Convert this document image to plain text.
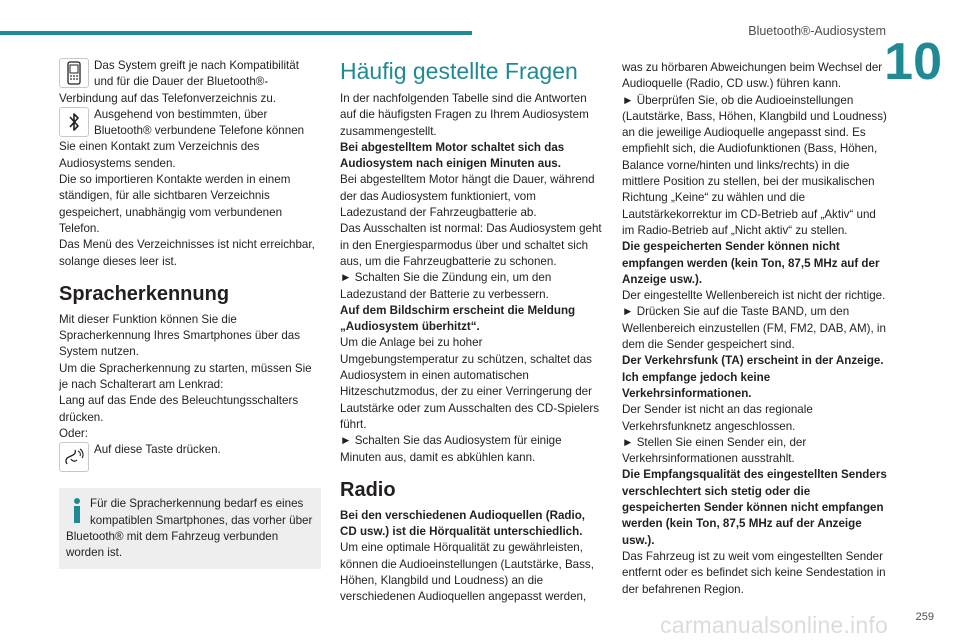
Bluetooth®-Audiosystem
10

Das System greift je nach Kompatibilität und für die Dauer der Bluetooth®-Verbindung auf das Telefonverzeichnis zu.

Ausgehend von bestimmten, über Bluetooth® verbundene Telefone können Sie einen Kontakt zum Verzeichnis des Audiosystems senden.

Die so importieren Kontakte werden in einem ständigen, für alle sichtbaren Verzeichnis gespeichert, unabhängig vom verbundenen Telefon.

Das Menü des Verzeichnisses ist nicht erreichbar, solange dieses leer ist.

Spracherkennung

Mit dieser Funktion können Sie die Spracherkennung Ihres Smartphones über das System nutzen.

Um die Spracherkennung zu starten, müssen Sie je nach Schalterart am Lenkrad:

Lang auf das Ende des Beleuchtungsschalters drücken.

Oder:

Auf diese Taste drücken.

Für die Spracherkennung bedarf es eines kompatiblen Smartphones, das vorher über Bluetooth® mit dem Fahrzeug verbunden worden ist.

Häufig gestellte Fragen

In der nachfolgenden Tabelle sind die Antworten auf die häufigsten Fragen zu Ihrem Audiosystem zusammengestellt.

Bei abgestelltem Motor schaltet sich das Audiosystem nach einigen Minuten aus.

Bei abgestelltem Motor hängt die Dauer, während der das Audiosystem funktioniert, vom Ladezustand der Fahrzeugbatterie ab.

Das Ausschalten ist normal: Das Audiosystem geht in den Energiesparmodus über und schaltet sich aus, um die Fahrzeugbatterie zu schonen.

► Schalten Sie die Zündung ein, um den Ladezustand der Batterie zu verbessern.

Auf dem Bildschirm erscheint die Meldung „Audiosystem überhitzt“.

Um die Anlage bei zu hoher Umgebungstemperatur zu schützen, schaltet das Audiosystem in einen automatischen Hitzeschutzmodus, der zu einer Verringerung der Lautstärke oder zum Ausschalten des CD-Spielers führt.

► Schalten Sie das Audiosystem für einige Minuten aus, damit es abkühlen kann.

Radio

Bei den verschiedenen Audioquellen (Radio, CD usw.) ist die Hörqualität unterschiedlich.

Um eine optimale Hörqualität zu gewährleisten, können die Audioeinstellungen (Lautstärke, Bass, Höhen, Klangbild und Loudness) an die verschiedenen Audioquellen angepasst werden,

was zu hörbaren Abweichungen beim Wechsel der Audioquelle (Radio, CD usw.) führen kann.

► Überprüfen Sie, ob die Audioeinstellungen (Lautstärke, Bass, Höhen, Klangbild und Loudness) an die jeweilige Audioquelle angepasst sind. Es empfiehlt sich, die Audiofunktionen (Bass, Höhen, Balance vorne/hinten und links/rechts) in die mittlere Position zu stellen, bei der musikalischen Richtung „Keine“ zu wählen und die Lautstärkekorrektur im CD-Betrieb auf „Aktiv“ und im Radio-Betrieb auf „Nicht aktiv“ zu stellen.

Die gespeicherten Sender können nicht empfangen werden (kein Ton, 87,5 MHz auf der Anzeige usw.).

Der eingestellte Wellenbereich ist nicht der richtige.

► Drücken Sie auf die Taste BAND, um den Wellenbereich einzustellen (FM, FM2, DAB, AM), in dem die Sender gespeichert sind.

Der Verkehrsfunk (TA) erscheint in der Anzeige. Ich empfange jedoch keine Verkehrsinformationen.

Der Sender ist nicht an das regionale Verkehrsfunknetz angeschlossen.

► Stellen Sie einen Sender ein, der Verkehrsinformationen ausstrahlt.

Die Empfangsqualität des eingestellten Senders verschlechtert sich stetig oder die gespeicherten Sender können nicht empfangen werden (kein Ton, 87,5 MHz auf der Anzeige usw.).

Das Fahrzeug ist zu weit vom eingestellten Sender entfernt oder es befindet sich keine Sendestation in der befahrenen Region.

259
carmanualsonline.info
